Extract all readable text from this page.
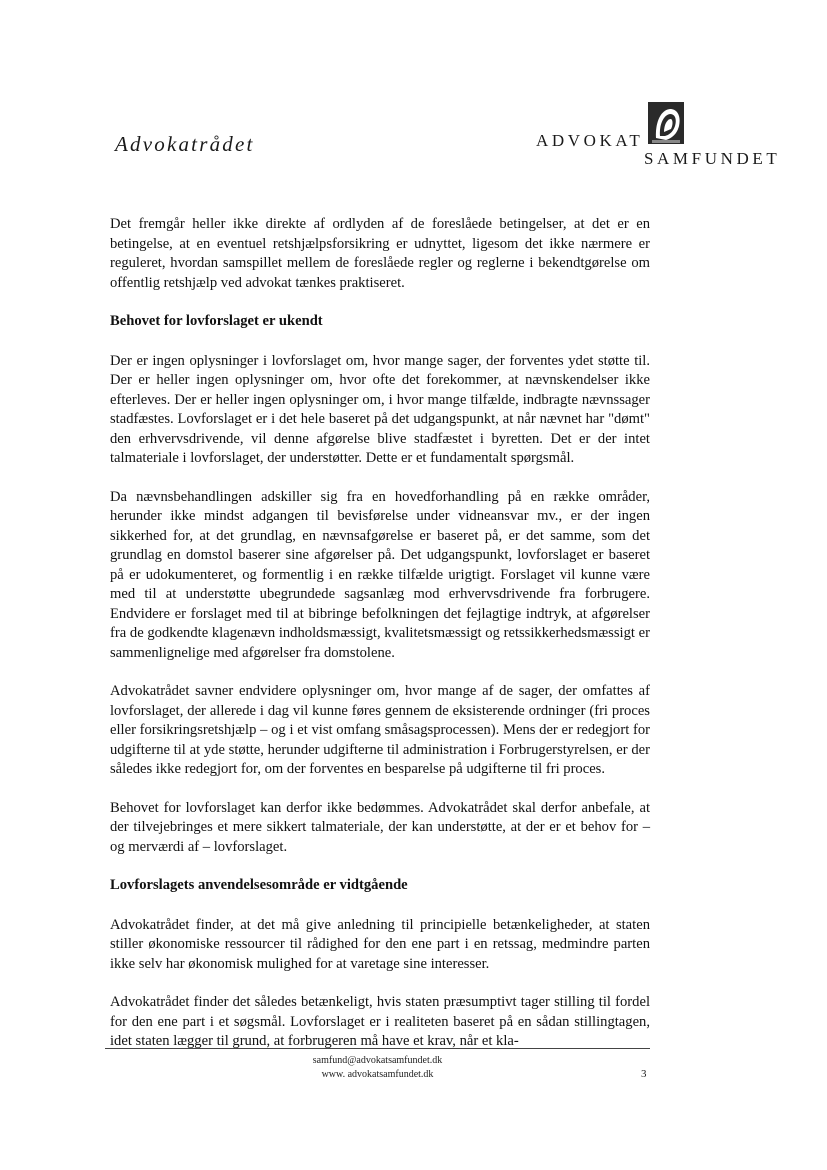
Advokatrådet	ADVOKAT
SAMFUNDET

Det fremgår heller ikke direkte af ordlyden af de foreslåede betingelser, at det er en betingelse, at en eventuel retshjælpsforsikring er udnyttet, ligesom det ikke nærmere er reguleret, hvordan samspillet mellem de foreslåede regler og reglerne i bekendtgørelse om offentlig retshjælp ved advokat tænkes praktiseret.

Behovet for lovforslaget er ukendt

Der er ingen oplysninger i lovforslaget om, hvor mange sager, der forventes ydet støtte til. Der er heller ingen oplysninger om, hvor ofte det forekommer, at nævnskendelser ikke efterleves. Der er heller ingen oplysninger om, i hvor mange tilfælde, indbragte nævnssager stadfæstes. Lovforslaget er i det hele baseret på det udgangspunkt, at når nævnet har "dømt" den erhvervsdrivende, vil denne afgørelse blive stadfæstet i byretten. Det er der intet talmateriale i lovforslaget, der understøtter. Dette er et fundamentalt spørgsmål.

Da nævnsbehandlingen adskiller sig fra en hovedforhandling på en række områder, herunder ikke mindst adgangen til bevisførelse under vidneansvar mv., er der ingen sikkerhed for, at det grundlag, en nævnsafgørelse er baseret på, er det samme, som det grundlag en domstol baserer sine afgørelser på. Det udgangspunkt, lovforslaget er baseret på er udokumenteret, og formentlig i en række tilfælde urigtigt. Forslaget vil kunne være med til at understøtte ubegrundede sagsanlæg mod erhvervsdrivende fra forbrugere. Endvidere er forslaget med til at bibringe befolkningen det fejlagtige indtryk, at afgørelser fra de godkendte klagenævn indholdsmæssigt, kvalitetsmæssigt og retssikkerhedsmæssigt er sammenlignelige med afgørelser fra domstolene.

Advokatrådet savner endvidere oplysninger om, hvor mange af de sager, der omfattes af lovforslaget, der allerede i dag vil kunne føres gennem de eksisterende ordninger (fri proces eller forsikringsretshjælp – og i et vist omfang småsagsprocessen). Mens der er redegjort for udgifterne til at yde støtte, herunder udgifterne til administration i Forbrugerstyrelsen, er der således ikke redegjort for, om der forventes en besparelse på udgifterne til fri proces.

Behovet for lovforslaget kan derfor ikke bedømmes. Advokatrådet skal derfor anbefale, at der tilvejebringes et mere sikkert talmateriale, der kan understøtte, at der er et behov for – og merværdi af – lovforslaget.

Lovforslagets anvendelsesområde er vidtgående

Advokatrådet finder, at det må give anledning til principielle betænkeligheder, at staten stiller økonomiske ressourcer til rådighed for den ene part i en retssag, medmindre parten ikke selv har økonomisk mulighed for at varetage sine interesser.

Advokatrådet finder det således betænkeligt, hvis staten præsumptivt tager stilling til fordel for den ene part i et søgsmål. Lovforslaget er i realiteten baseret på en sådan stillingtagen, idet staten lægger til grund, at forbrugeren må have et krav, når et kla-

samfund@advokatsamfundet.dk
www. advokatsamfundet.dk	3
